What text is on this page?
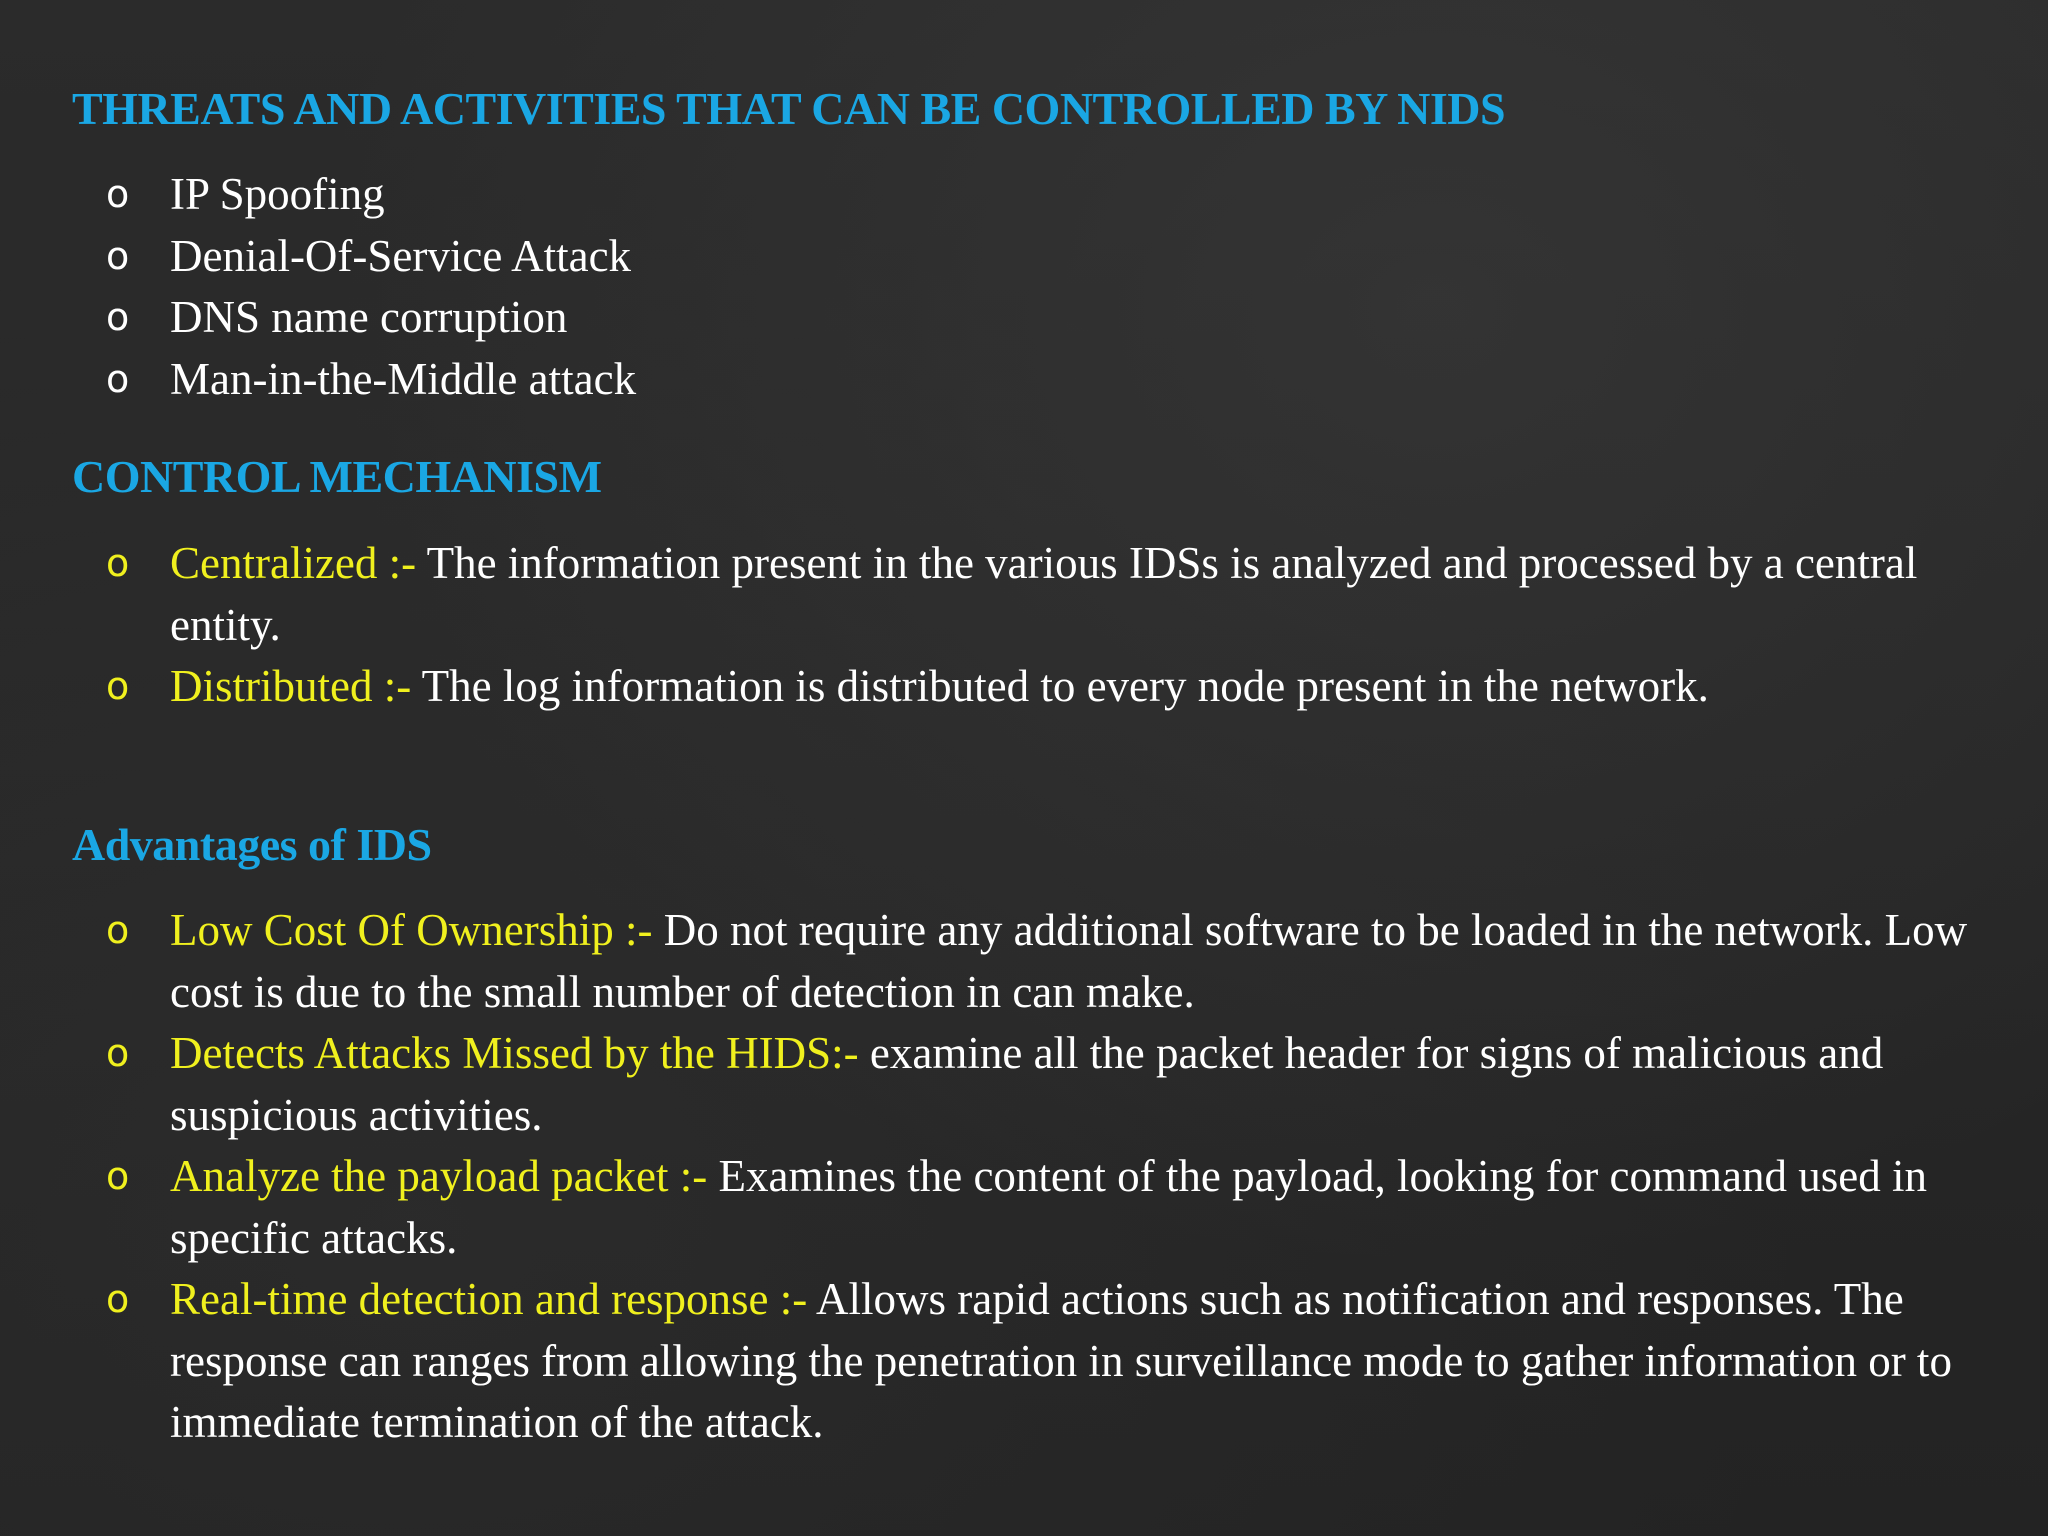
THREATS AND ACTIVITIES THAT CAN BE CONTROLLED BY NIDS
o IP Spoofing
o Denial-Of-Service Attack
o DNS name corruption
o Man-in-the-Middle attack
CONTROL MECHANISM
o Centralized :- The information present in the various IDSs is analyzed and processed by a central entity.
o Distributed :- The log information is distributed to every node present in the network.
Advantages of IDS
o Low Cost Of Ownership :- Do not require any additional software to be loaded in the network. Low cost is due to the small number of detection in can make.
o Detects Attacks Missed by the HIDS:- examine all the packet header for signs of malicious and suspicious activities.
o Analyze the payload packet :- Examines the content of the payload, looking for command used in specific attacks.
o Real-time detection and response :- Allows rapid actions such as notification and responses. The response can ranges from allowing the penetration in surveillance mode to gather information or to immediate termination of the attack.
